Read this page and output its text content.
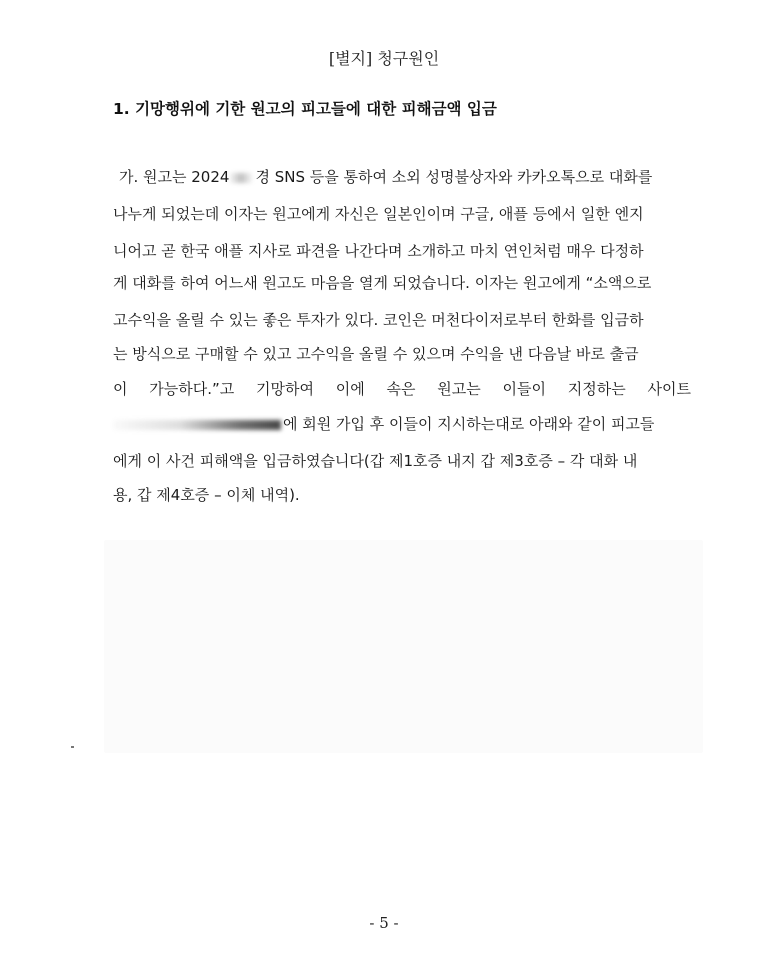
[별지] 청구원인
1. 기망행위에 기한 원고의 피고들에 대한 피해금액 입금
가. 원고는 2024 경 SNS 등을 통하여 소외 성명불상자와 카카오톡으로 대화를
나누게 되었는데 이자는 원고에게 자신은 일본인이며 구글, 애플 등에서 일한 엔지
니어고 곧 한국 애플 지사로 파견을 나간다며 소개하고 마치 연인처럼 매우 다정하
게 대화를 하여 어느새 원고도 마음을 열게 되었습니다. 이자는 원고에게 “소액으로
고수익을 올릴 수 있는 좋은 투자가 있다. 코인은 머천다이저로부터 한화를 입금하
는 방식으로 구매할 수 있고 고수익을 올릴 수 있으며 수익을 낸 다음날 바로 출금
이 가능하다.”고 기망하여 이에 속은 원고는 이들이 지정하는 사이트
에 회원 가입 후 이들이 지시하는대로 아래와 같이 피고들
에게 이 사건 피해액을 입금하였습니다(갑 제1호증 내지 갑 제3호증 – 각 대화 내
용, 갑 제4호증 – 이체 내역).
- 5 -
